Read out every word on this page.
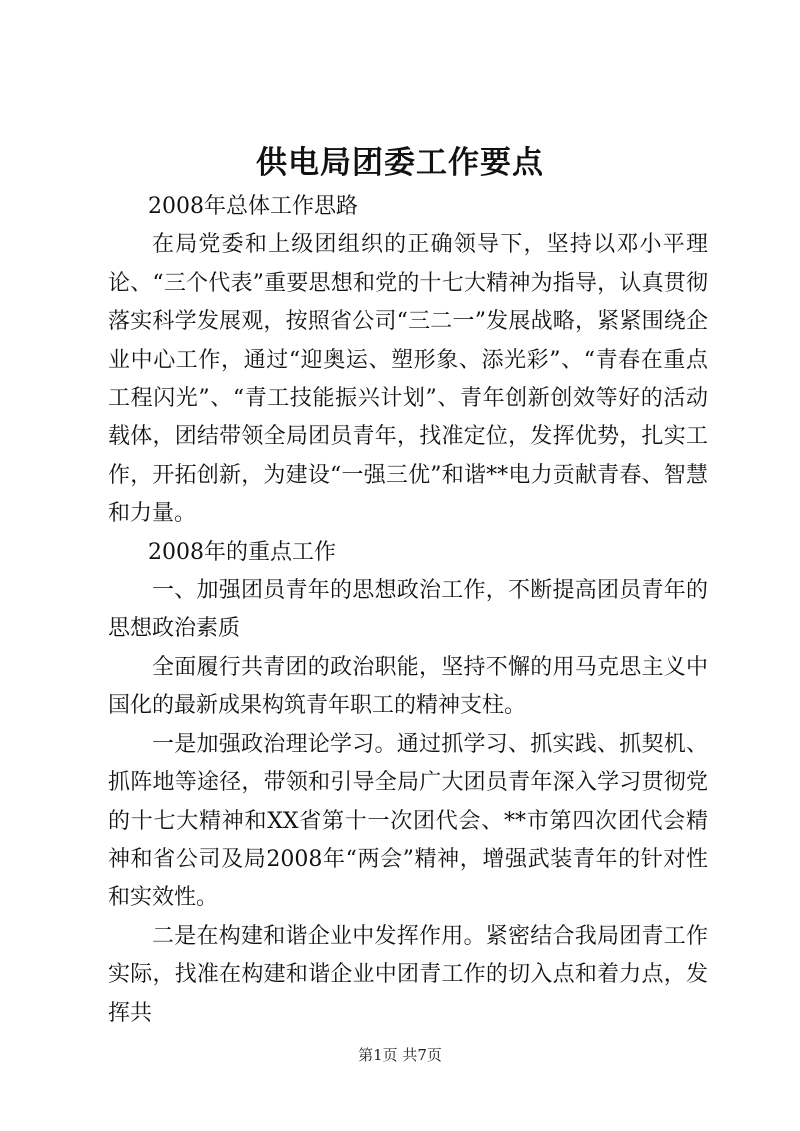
供电局团委工作要点

2008年总体工作思路

在局党委和上级团组织的正确领导下，坚持以邓小平理论、“三个代表”重要思想和党的十七大精神为指导，认真贯彻落实科学发展观，按照省公司“三二一”发展战略，紧紧围绕企业中心工作，通过“迎奥运、塑形象、添光彩”、“青春在重点工程闪光”、“青工技能振兴计划”、青年创新创效等好的活动载体，团结带领全局团员青年，找准定位，发挥优势，扎实工作，开拓创新，为建设“一强三优”和谐**电力贡献青春、智慧和力量。

2008年的重点工作

一、加强团员青年的思想政治工作，不断提高团员青年的思想政治素质

全面履行共青团的政治职能，坚持不懈的用马克思主义中国化的最新成果构筑青年职工的精神支柱。

一是加强政治理论学习。通过抓学习、抓实践、抓契机、抓阵地等途径，带领和引导全局广大团员青年深入学习贯彻党的十七大精神和XX省第十一次团代会、**市第四次团代会精神和省公司及局2008年“两会”精神，增强武装青年的针对性和实效性。

二是在构建和谐企业中发挥作用。紧密结合我局团青工作实际，找准在构建和谐企业中团青工作的切入点和着力点，发挥共

第1页 共7页
